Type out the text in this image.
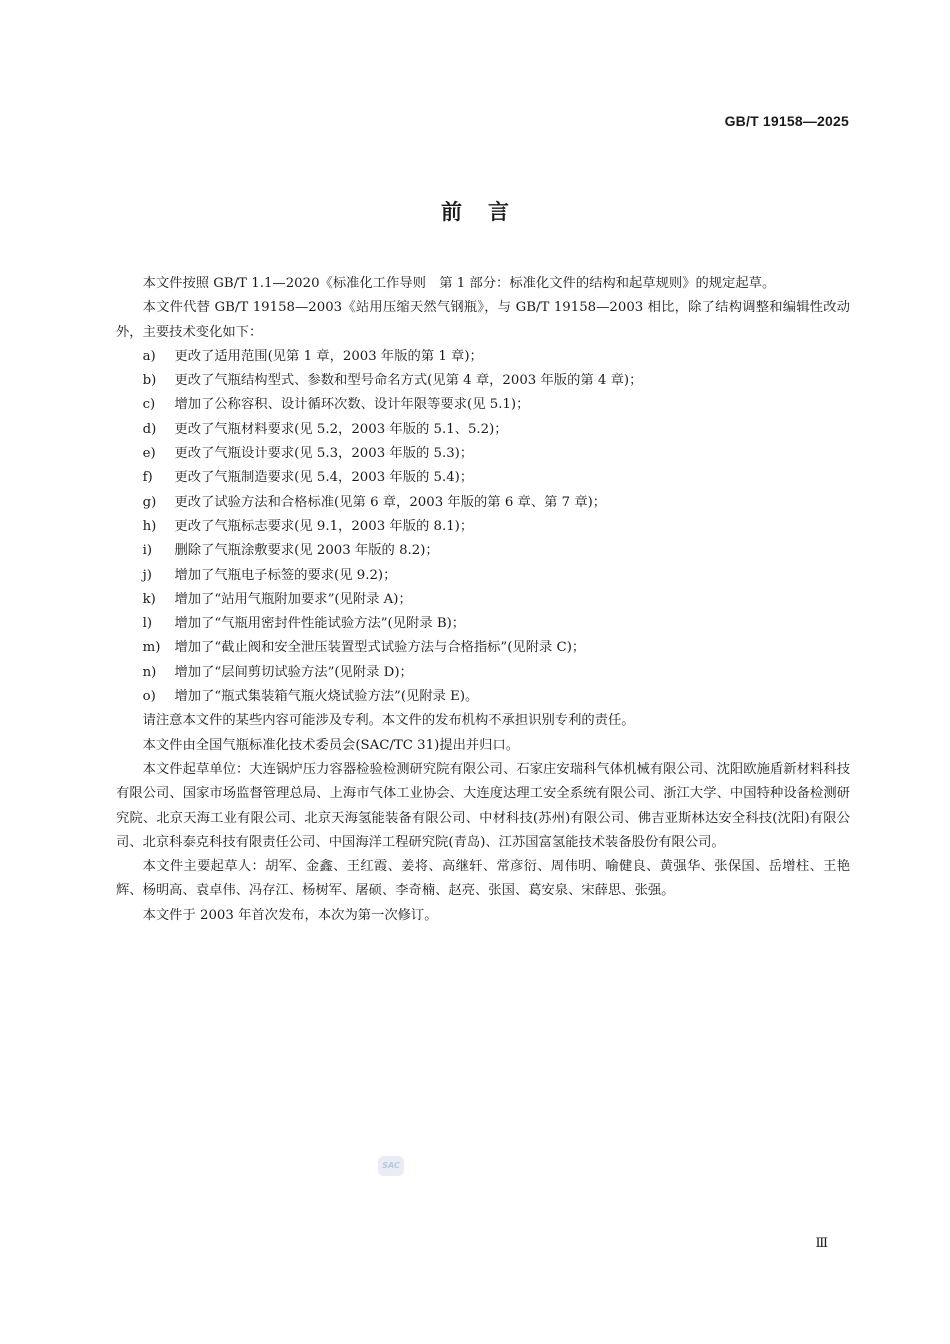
GB/T 19158—2025
前言

本文件按照 GB/T 1.1—2020《标准化工作导则　第 1 部分：标准化文件的结构和起草规则》的规定起草。

本文件代替 GB/T 19158—2003《站用压缩天然气钢瓶》，与 GB/T 19158—2003 相比，除了结构调整和编辑性改动外，主要技术变化如下：

a) 更改了适用范围(见第 1 章，2003 年版的第 1 章)；

b) 更改了气瓶结构型式、参数和型号命名方式(见第 4 章，2003 年版的第 4 章)；

c) 增加了公称容积、设计循环次数、设计年限等要求(见 5.1)；

d) 更改了气瓶材料要求(见 5.2，2003 年版的 5.1、5.2)；

e) 更改了气瓶设计要求(见 5.3，2003 年版的 5.3)；

f) 更改了气瓶制造要求(见 5.4，2003 年版的 5.4)；

g) 更改了试验方法和合格标准(见第 6 章，2003 年版的第 6 章、第 7 章)；

h) 更改了气瓶标志要求(见 9.1，2003 年版的 8.1)；

i) 删除了气瓶涂敷要求(见 2003 年版的 8.2)；

j) 增加了气瓶电子标签的要求(见 9.2)；

k) 增加了“站用气瓶附加要求”(见附录 A)；

l) 增加了“气瓶用密封件性能试验方法”(见附录 B)；

m) 增加了“截止阀和安全泄压装置型式试验方法与合格指标”(见附录 C)；

n) 增加了“层间剪切试验方法”(见附录 D)；

o) 增加了“瓶式集装箱气瓶火烧试验方法”(见附录 E)。

请注意本文件的某些内容可能涉及专利。本文件的发布机构不承担识别专利的责任。

本文件由全国气瓶标准化技术委员会(SAC/TC 31)提出并归口。

本文件起草单位：大连锅炉压力容器检验检测研究院有限公司、石家庄安瑞科气体机械有限公司、沈阳欧施盾新材料科技有限公司、国家市场监督管理总局、上海市气体工业协会、大连度达理工安全系统有限公司、浙江大学、中国特种设备检测研究院、北京天海工业有限公司、北京天海氢能装备有限公司、中材科技(苏州)有限公司、佛吉亚斯林达安全科技(沈阳)有限公司、北京科泰克科技有限责任公司、中国海洋工程研究院(青岛)、江苏国富氢能技术装备股份有限公司。

本文件主要起草人：胡军、金鑫、王红霞、姜将、高继轩、常彦衍、周伟明、喻健良、黄强华、张保国、岳增柱、王艳辉、杨明高、袁卓伟、冯存江、杨树军、屠硕、李奇楠、赵亮、张国、葛安泉、宋薛思、张强。

本文件于 2003 年首次发布，本次为第一次修订。

SAC
Ⅲ
